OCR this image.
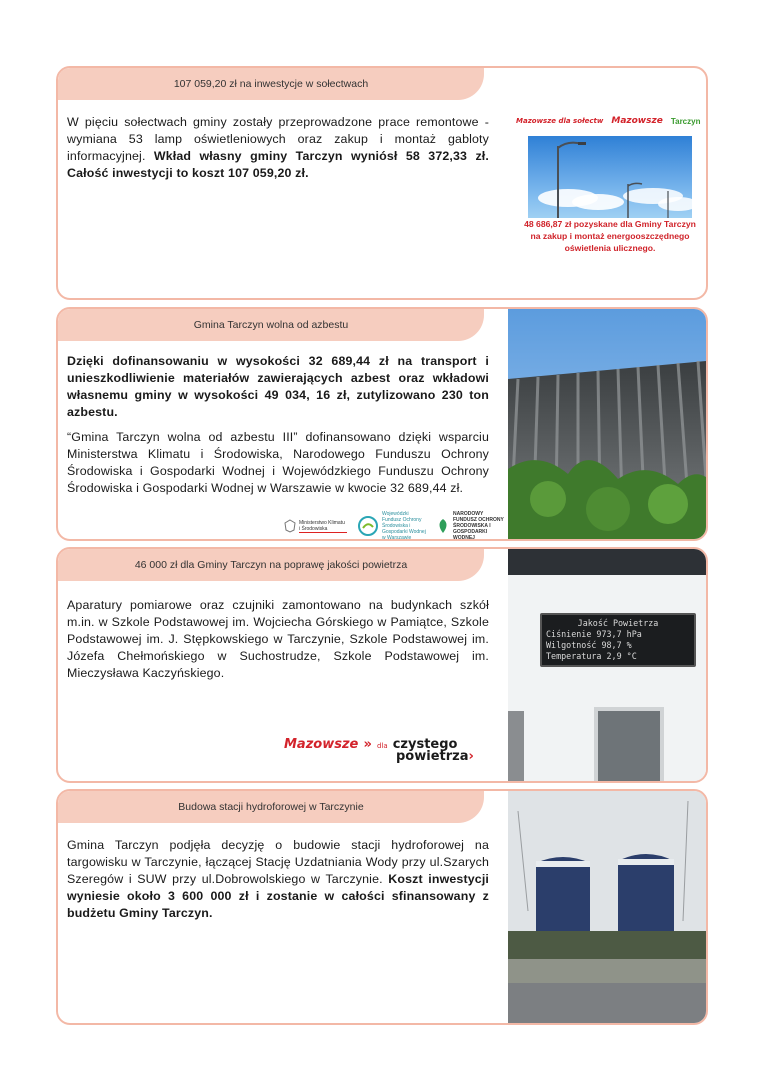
107 059,20 zł na inwestycje w sołectwach
W pięciu sołectwach gminy zostały przeprowadzone prace remontowe - wymiana 53 lamp oświetleniowych oraz zakup i montaż gabloty informacyjnej. Wkład własny gminy Tarczyn wyniósł 58 372,33 zł. Całość inwestycji to koszt 107 059,20 zł.
Mazowsze dla sołectw Mazowsze Tarczyn
48 686,87 zł pozyskane dla Gminy Tarczyn na zakup i montaż energooszczędnego oświetlenia ulicznego.
Gmina Tarczyn wolna od azbestu
Dzięki dofinansowaniu w wysokości 32 689,44 zł na transport i unieszkodliwienie materiałów zawierających azbest oraz wkładowi własnemu gminy w wysokości 49 034, 16 zł, zutylizowano 230 ton azbestu.
“Gmina Tarczyn wolna od azbestu III” dofinansowano dzięki wsparciu Ministerstwa Klimatu i Środowiska, Narodowego Funduszu Ochrony Środowiska i Gospodarki Wodnej i Wojewódzkiego Funduszu Ochrony Środowiska i Gospodarki Wodnej w Warszawie w kwocie 32 689,44 zł.
Ministerstwo Klimatu i Środowiska
Wojewódzki Fundusz Ochrony Środowiska i Gospodarki Wodnej w Warszawie
NARODOWY FUNDUSZ OCHRONY ŚRODOWISKA I GOSPODARKI WODNEJ
46 000 zł dla Gminy Tarczyn na poprawę jakości powietrza
Aparatury pomiarowe oraz czujniki zamontowano na budynkach szkół m.in. w Szkole Podstawowej im. Wojciecha Górskiego w Pamiątce, Szkole Podstawowej im. J. Stępkowskiego w Tarczynie, Szkole Podstawowej im. Józefa Chełmońskiego w Suchostrudze, Szkole Podstawowej im. Mieczysława Kaczyńskiego.
Mazowsze » dla czystego
powietrza›
Jakość Powietrza
Ciśnienie 973,7 hPa
Wilgotność 98,7 %
Temperatura 2,9 °C
Budowa stacji hydroforowej w Tarczynie
Gmina Tarczyn podjęła decyzję o budowie stacji hydroforowej na targowisku w Tarczynie, łączącej Stację Uzdatniania Wody przy ul.Szarych Szeregów i SUW przy ul.Dobrowolskiego w Tarczynie. Koszt inwestycji wyniesie około 3 600 000 zł i zostanie w całości sfinansowany z budżetu Gminy Tarczyn.
